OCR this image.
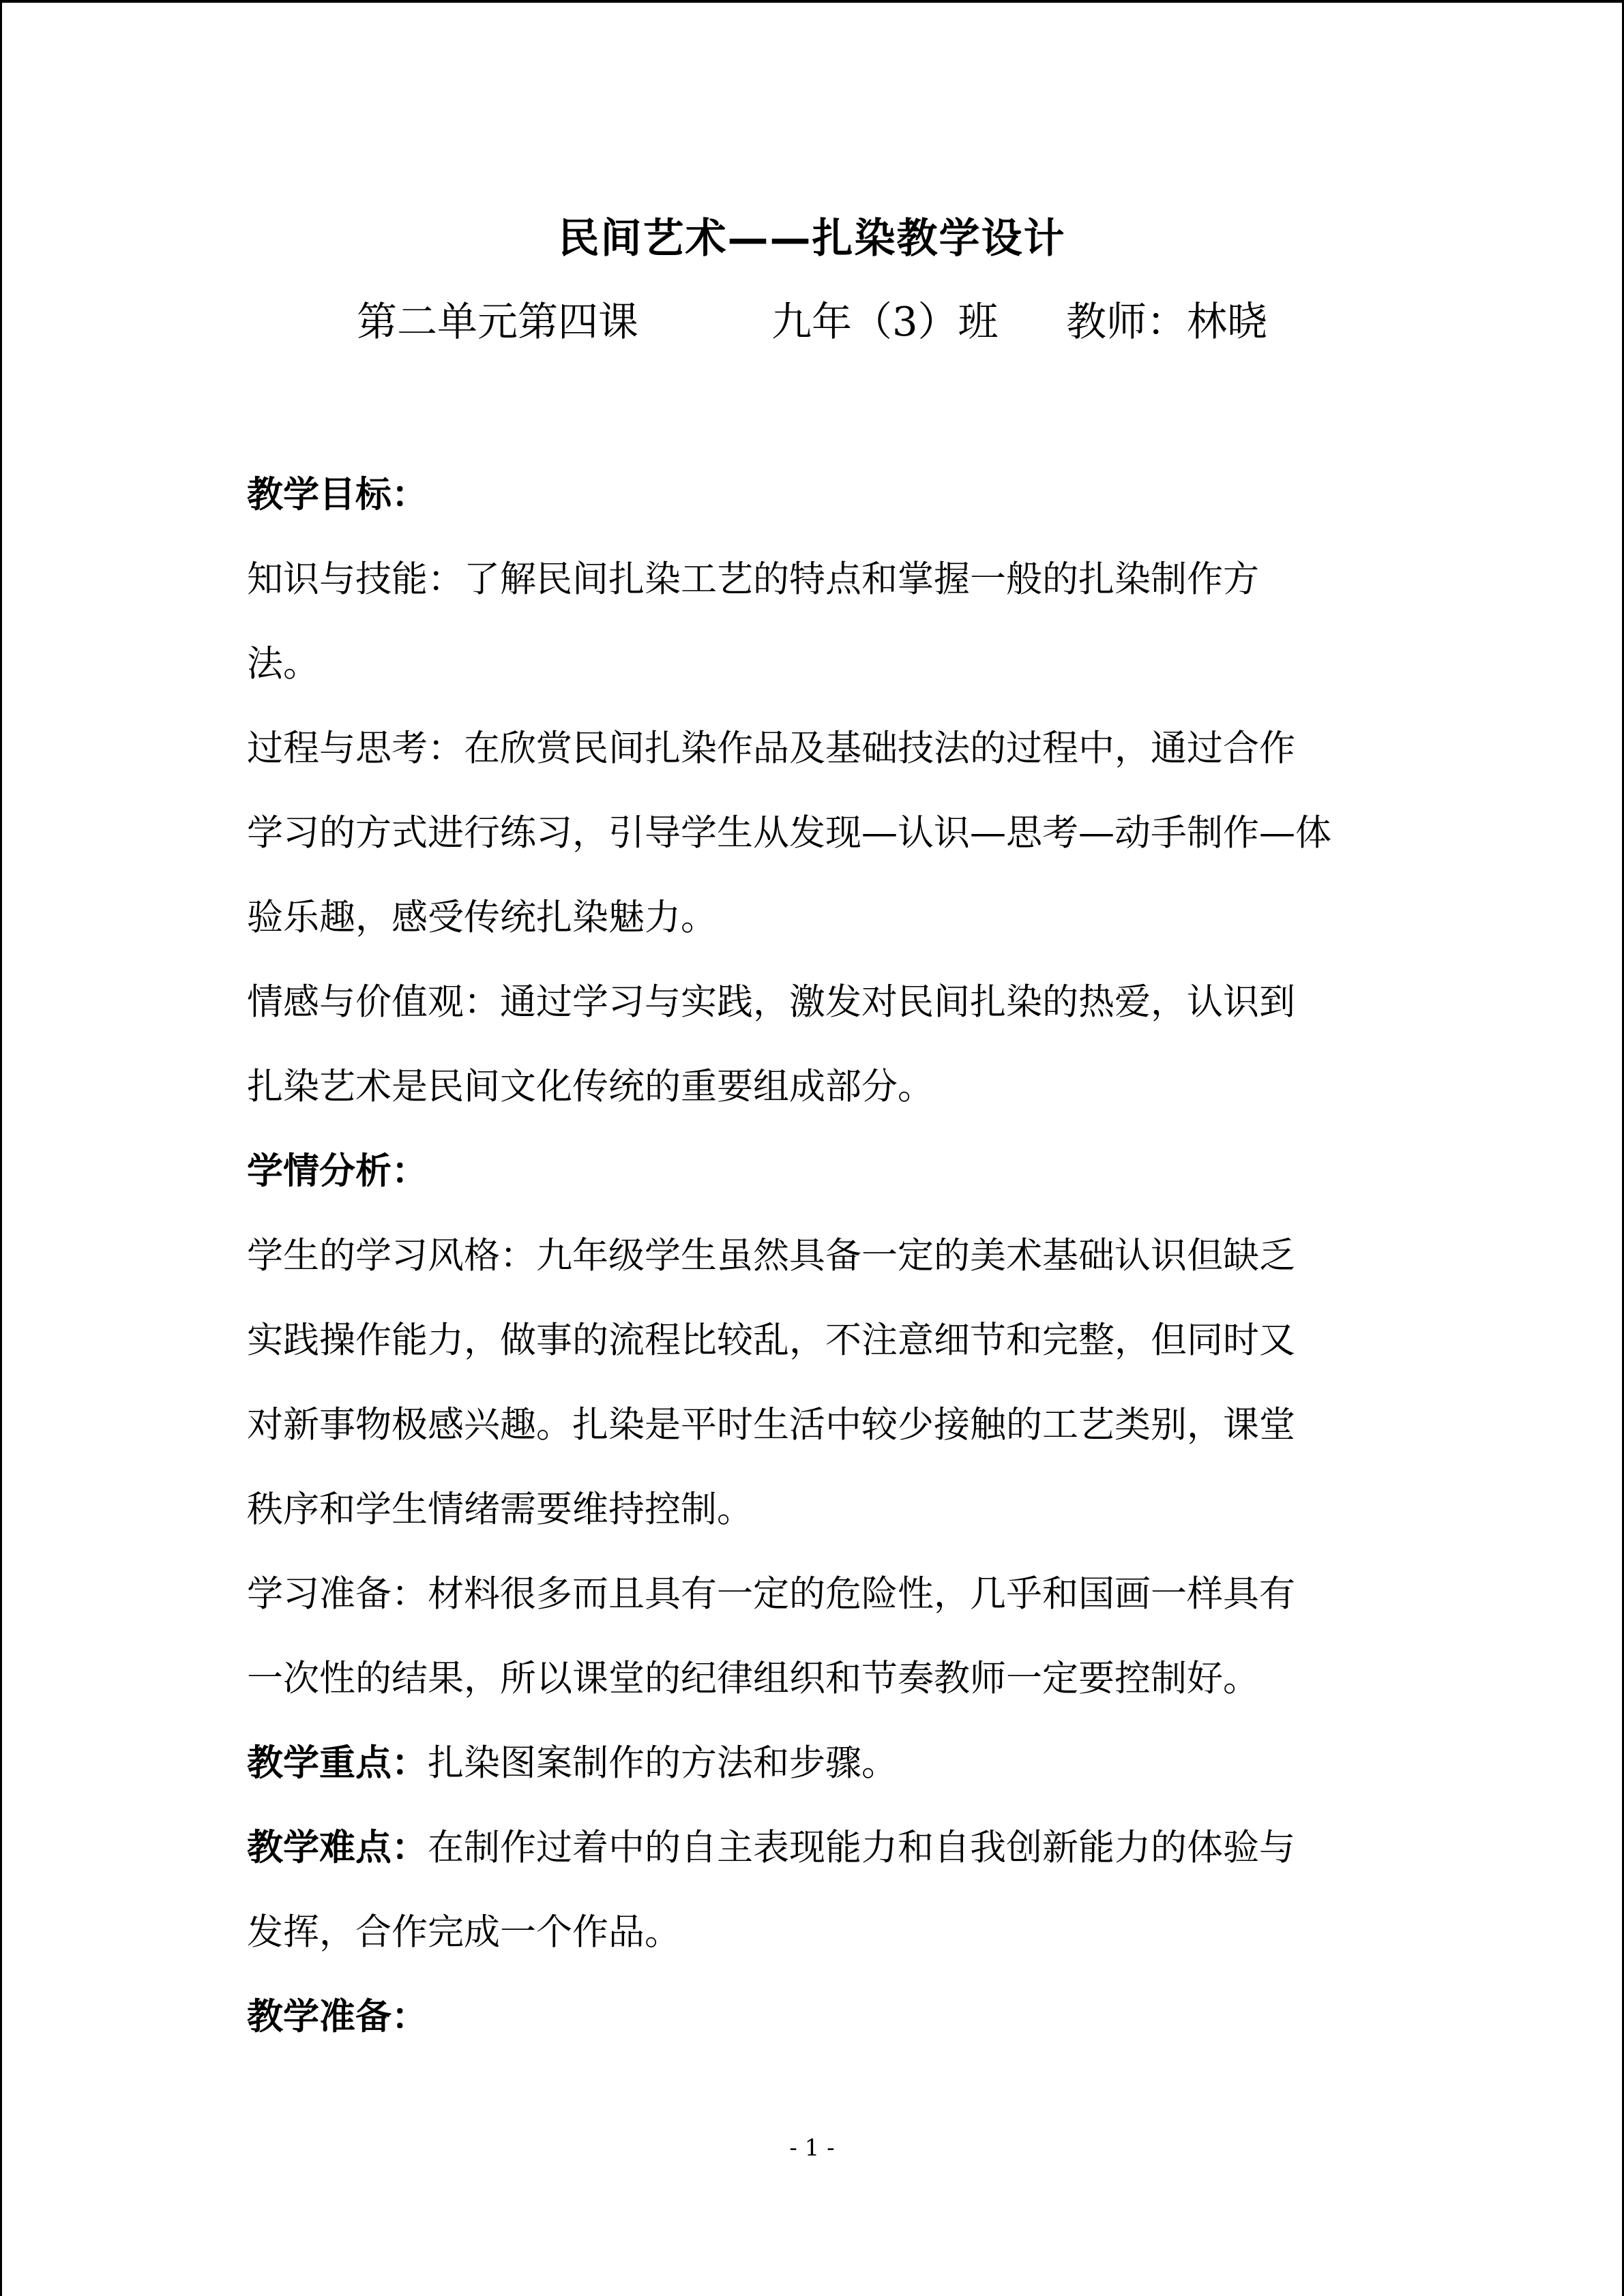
民间艺术——扎染教学设计
第二单元第四课	九年（3）班 教师：林晓
教学目标：
知识与技能：了解民间扎染工艺的特点和掌握一般的扎染制作方
法。
过程与思考：在欣赏民间扎染作品及基础技法的过程中，通过合作
学习的方式进行练习，引导学生从发现—认识—思考—动手制作—体
验乐趣，感受传统扎染魅力。
情感与价值观：通过学习与实践，激发对民间扎染的热爱，认识到
扎染艺术是民间文化传统的重要组成部分。
学情分析：
学生的学习风格：九年级学生虽然具备一定的美术基础认识但缺乏
实践操作能力，做事的流程比较乱，不注意细节和完整，但同时又
对新事物极感兴趣。扎染是平时生活中较少接触的工艺类别，课堂
秩序和学生情绪需要维持控制。
学习准备：材料很多而且具有一定的危险性，几乎和国画一样具有
一次性的结果，所以课堂的纪律组织和节奏教师一定要控制好。
教学重点：扎染图案制作的方法和步骤。
教学难点：在制作过着中的自主表现能力和自我创新能力的体验与
发挥，合作完成一个作品。
教学准备：
- 1 -
